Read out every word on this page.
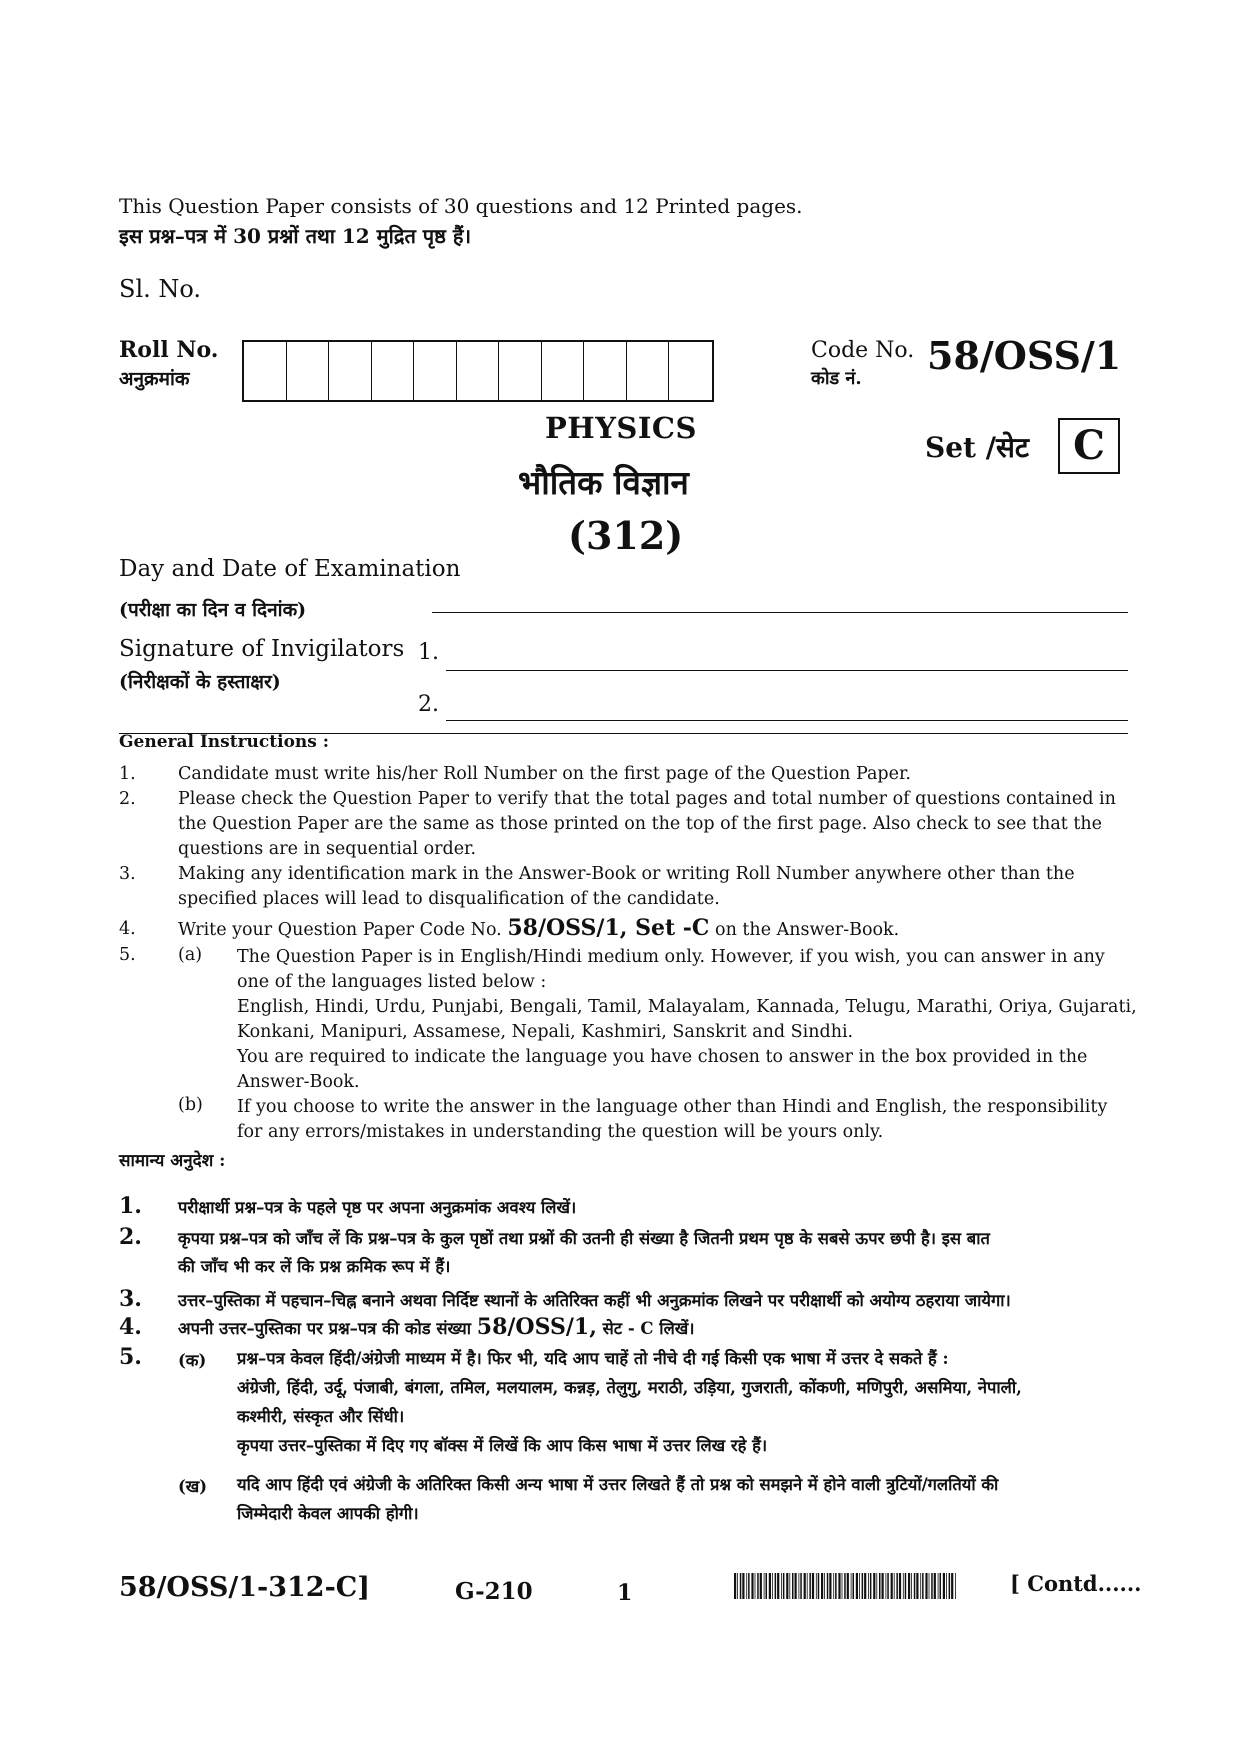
This Question Paper consists of 30 questions and 12 Printed pages.
इस प्रश्न–पत्र में 30 प्रश्नों तथा 12 मुद्रित पृष्ठ हैं।
Sl. No.
Roll No.
अनुक्रमांक
Code No.
कोड नं.
58/OSS/1
PHYSICS
भौतिक विज्ञान
(312)
Set /सेट	C
Day and Date of Examination
(परीक्षा का दिन व दिनांक)
Signature of Invigilators
(निरीक्षकों के हस्ताक्षर)
1.
2.
General Instructions :
1. Candidate must write his/her Roll Number on the first page of the Question Paper.
2. Please check the Question Paper to verify that the total pages and total number of questions contained in
the Question Paper are the same as those printed on the top of the first page. Also check to see that the
questions are in sequential order.
3. Making any identification mark in the Answer-Book or writing Roll Number anywhere other than the
specified places will lead to disqualification of the candidate.
4. Write your Question Paper Code No. 58/OSS/1, Set -C on the Answer-Book.
5. (a) The Question Paper is in English/Hindi medium only. However, if you wish, you can answer in any
one of the languages listed below :
English, Hindi, Urdu, Punjabi, Bengali, Tamil, Malayalam, Kannada, Telugu, Marathi, Oriya, Gujarati,
Konkani, Manipuri, Assamese, Nepali, Kashmiri, Sanskrit and Sindhi.
You are required to indicate the language you have chosen to answer in the box provided in the
Answer-Book.
(b) If you choose to write the answer in the language other than Hindi and English, the responsibility
for any errors/mistakes in understanding the question will be yours only.
सामान्य अनुदेश :
1. परीक्षार्थी प्रश्न–पत्र के पहले पृष्ठ पर अपना अनुक्रमांक अवश्य लिखें।
2. कृपया प्रश्न–पत्र को जाँच लें कि प्रश्न–पत्र के कुल पृष्ठों तथा प्रश्नों की उतनी ही संख्या है जितनी प्रथम पृष्ठ के सबसे ऊपर छपी है। इस बात
की जाँच भी कर लें कि प्रश्न क्रमिक रूप में हैं।
3. उत्तर–पुस्तिका में पहचान–चिह्न बनाने अथवा निर्दिष्ट स्थानों के अतिरिक्त कहीं भी अनुक्रमांक लिखने पर परीक्षार्थी को अयोग्य ठहराया जायेगा।
4. अपनी उत्तर–पुस्तिका पर प्रश्न–पत्र की कोड संख्या 58/OSS/1, सेट - C लिखें।
5. (क) प्रश्न–पत्र केवल हिंदी/अंग्रेजी माध्यम में है। फिर भी, यदि आप चाहें तो नीचे दी गई किसी एक भाषा में उत्तर दे सकते हैं :
अंग्रेजी, हिंदी, उर्दू, पंजाबी, बंगला, तमिल, मलयालम, कन्नड़, तेलुगु, मराठी, उड़िया, गुजराती, कोंकणी, मणिपुरी, असमिया, नेपाली,
कश्मीरी, संस्कृत और सिंधी।
कृपया उत्तर–पुस्तिका में दिए गए बॉक्स में लिखें कि आप किस भाषा में उत्तर लिख रहे हैं।
(ख) यदि आप हिंदी एवं अंग्रेजी के अतिरिक्त किसी अन्य भाषा में उत्तर लिखते हैं तो प्रश्न को समझने में होने वाली त्रुटियों/गलतियों की
जिम्मेदारी केवल आपकी होगी।
58/OSS/1-312-C]	G-210	1	[ Contd......
